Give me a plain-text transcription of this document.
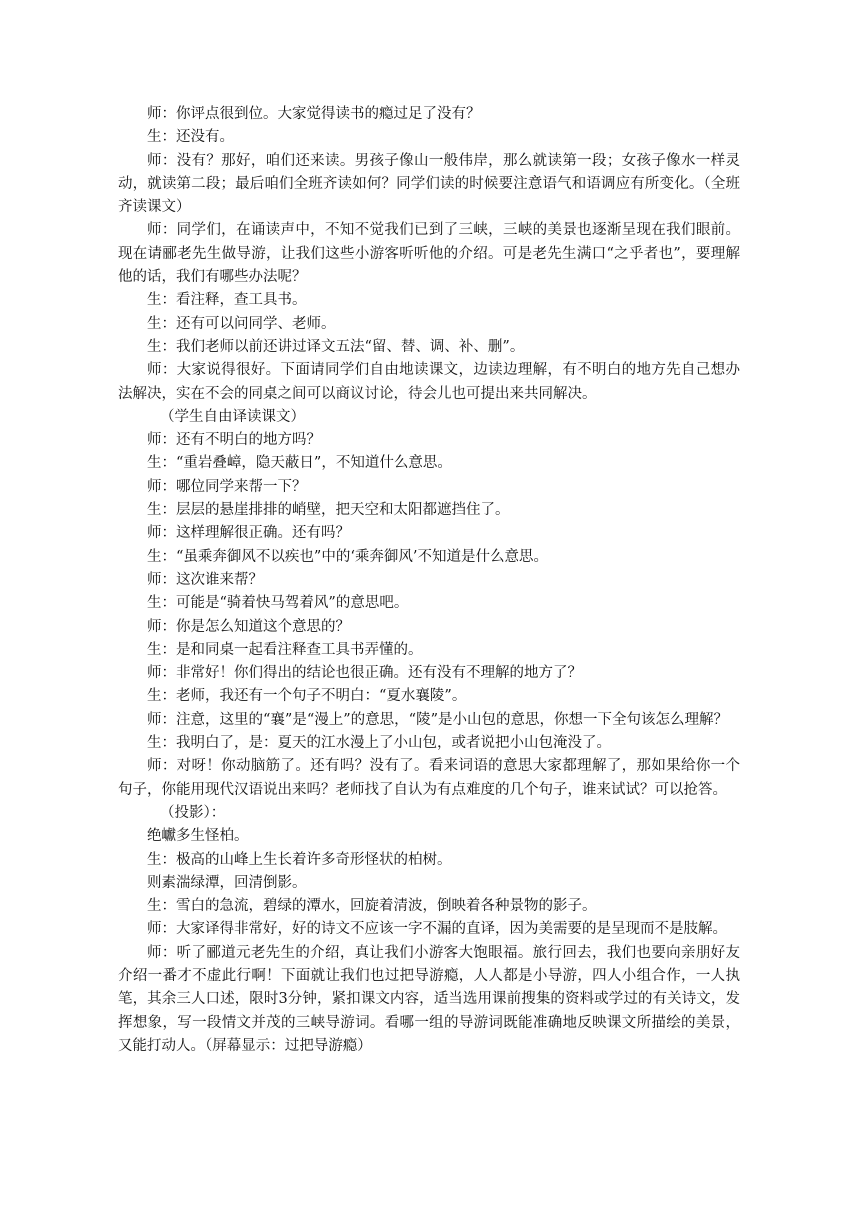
师：你评点很到位。大家觉得读书的瘾过足了没有？

生：还没有。

师：没有？那好，咱们还来读。男孩子像山一般伟岸，那么就读第一段；女孩子像水一样灵动，就读第二段；最后咱们全班齐读如何？同学们读的时候要注意语气和语调应有所变化。（全班齐读课文）

师：同学们，在诵读声中，不知不觉我们已到了三峡，三峡的美景也逐渐呈现在我们眼前。现在请郦老先生做导游，让我们这些小游客听听他的介绍。可是老先生满口“之乎者也”，要理解他的话，我们有哪些办法呢？

生：看注释，查工具书。

生：还有可以问同学、老师。

生：我们老师以前还讲过译文五法“留、替、调、补、删”。

师：大家说得很好。下面请同学们自由地读课文，边读边理解，有不明白的地方先自己想办法解决，实在不会的同桌之间可以商议讨论，待会儿也可提出来共同解决。

（学生自由译读课文）

师：还有不明白的地方吗？

生：“重岩叠嶂，隐天蔽日”，不知道什么意思。

师：哪位同学来帮一下？

生：层层的悬崖排排的峭壁，把天空和太阳都遮挡住了。

师：这样理解很正确。还有吗？

生：“虽乘奔御风不以疾也”中的‘乘奔御风’不知道是什么意思。

师：这次谁来帮？

生：可能是“骑着快马驾着风”的意思吧。

师：你是怎么知道这个意思的？

生：是和同桌一起看注释查工具书弄懂的。

师：非常好！你们得出的结论也很正确。还有没有不理解的地方了？

生：老师，我还有一个句子不明白：“夏水襄陵”。

师：注意，这里的“襄”是“漫上”的意思，“陵”是小山包的意思，你想一下全句该怎么理解？

生：我明白了，是：夏天的江水漫上了小山包，或者说把小山包淹没了。

师：对呀！你动脑筋了。还有吗？没有了。看来词语的意思大家都理解了，那如果给你一个句子，你能用现代汉语说出来吗？老师找了自认为有点难度的几个句子，谁来试试？可以抢答。

（投影）：

绝巘多生怪柏。

生：极高的山峰上生长着许多奇形怪状的柏树。

则素湍绿潭，回清倒影。

生：雪白的急流，碧绿的潭水，回旋着清波，倒映着各种景物的影子。

师：大家译得非常好，好的诗文不应该一字不漏的直译，因为美需要的是呈现而不是肢解。

师：听了郦道元老先生的介绍，真让我们小游客大饱眼福。旅行回去，我们也要向亲朋好友介绍一番才不虚此行啊！下面就让我们也过把导游瘾，人人都是小导游，四人小组合作，一人执笔，其余三人口述，限时3分钟，紧扣课文内容，适当选用课前搜集的资料或学过的有关诗文，发挥想象，写一段情文并茂的三峡导游词。看哪一组的导游词既能准确地反映课文所描绘的美景，又能打动人。（屏幕显示：过把导游瘾）
